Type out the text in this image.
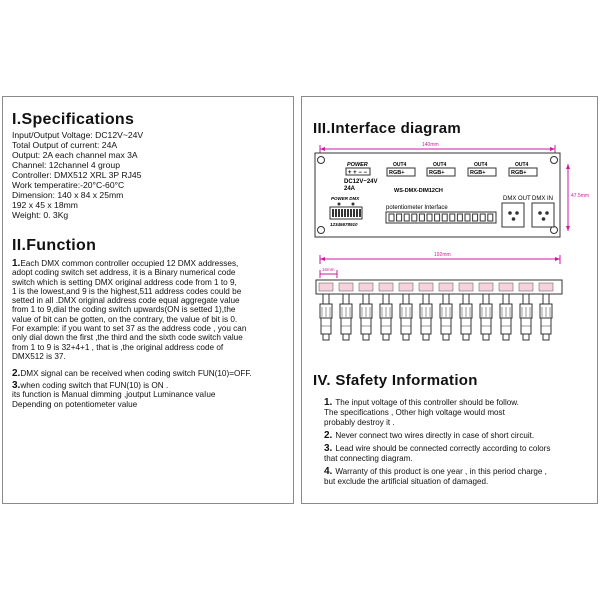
I.Specifications
Input/Output Voltage: DC12V~24V
Total Output of current: 24A
Output: 2A each channel max 3A
Channel: 12channel 4 group
Controller: DMX512 XRL 3P RJ45
Work temperatire:-20°C-60°C
Dimension: 140 x 84 x 25mm
192 x 45 x 18mm
Weight: 0. 3Kg
II.Function
1.Each DMX common controller occupied 12 DMX addresses,
adopt coding switch set address, it is a Binary numerical code
switch which is setting DMX original address code from 1 to 9,
1 is the lowest,and 9 is the highest,511 address codes could be
setted in all .DMX original address code equal aggregate value
from 1 to 9,dial the coding switch upwards(ON is setted 1),the
value of bit can be gotten, on the contrary, the value of bit is 0.
For example: if you want to set 37 as the address code , you can
only dial down the first ,the third and the sixth code switch value
from 1 to 9 is 32+4+1 , that is ,the original address code of
DMX512 is 37.
2.DMX signal can be received when coding switch FUN(10)=OFF.
3.when coding switch that FUN(10) is ON .
its function is Manual dimming ,joutput Luminance vaIue
Depending on potentiometer value
III.Interface diagram
140mm
47.5mm
POWER
+ + − −
DC12V~24V
24A
OUT4
RGB+
OUT4
RGB+
OUT4
RGB+
OUT4
RGB+
WS-DMX-DIM12CH
POWER DMX
12345678910
potentiometer Interface
DMX OUT DMX IN
192mm
16mm
IV. Sfafety Information
1. The input voltage of this controller should be follow.
The specifications , Other high voltage would most
probably destroy it .
2. Never connect two wires directly in case of short circuit.
3. Lead wire should be connected correctly according to colors
that connecting diagram.
4. Warranty of this product is one year , in this period charge ,
but exclude the artificial situation of damaged.
